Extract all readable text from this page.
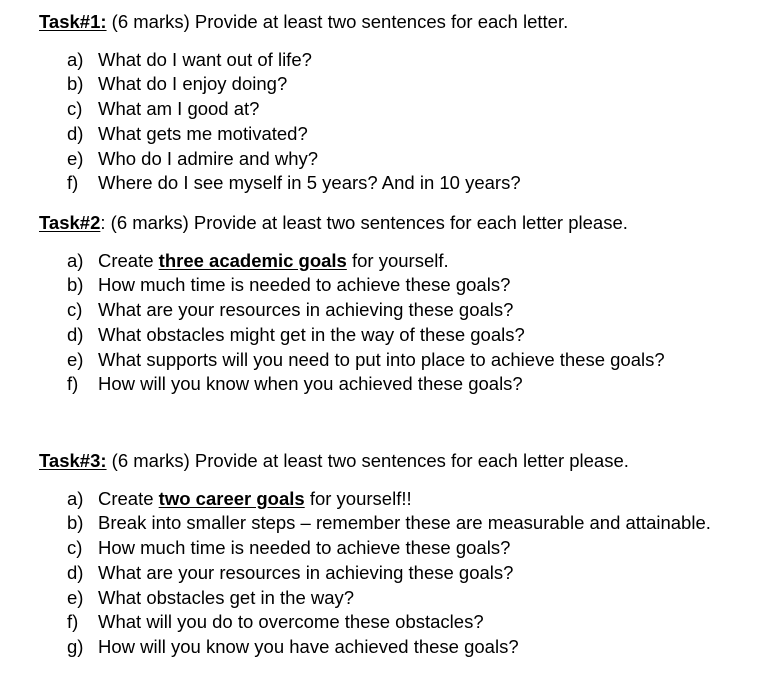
Task#1: (6 marks) Provide at least two sentences for each letter.
a) What do I want out of life?
b) What do I enjoy doing?
c) What am I good at?
d) What gets me motivated?
e) Who do I admire and why?
f) Where do I see myself in 5 years? And in 10 years?
Task#2: (6 marks) Provide at least two sentences for each letter please.
a) Create three academic goals for yourself.
b) How much time is needed to achieve these goals?
c) What are your resources in achieving these goals?
d) What obstacles might get in the way of these goals?
e) What supports will you need to put into place to achieve these goals?
f) How will you know when you achieved these goals?
Task#3: (6 marks) Provide at least two sentences for each letter please.
a) Create two career goals for yourself!!
b) Break into smaller steps – remember these are measurable and attainable.
c) How much time is needed to achieve these goals?
d) What are your resources in achieving these goals?
e) What obstacles get in the way?
f) What will you do to overcome these obstacles?
g) How will you know you have achieved these goals?
